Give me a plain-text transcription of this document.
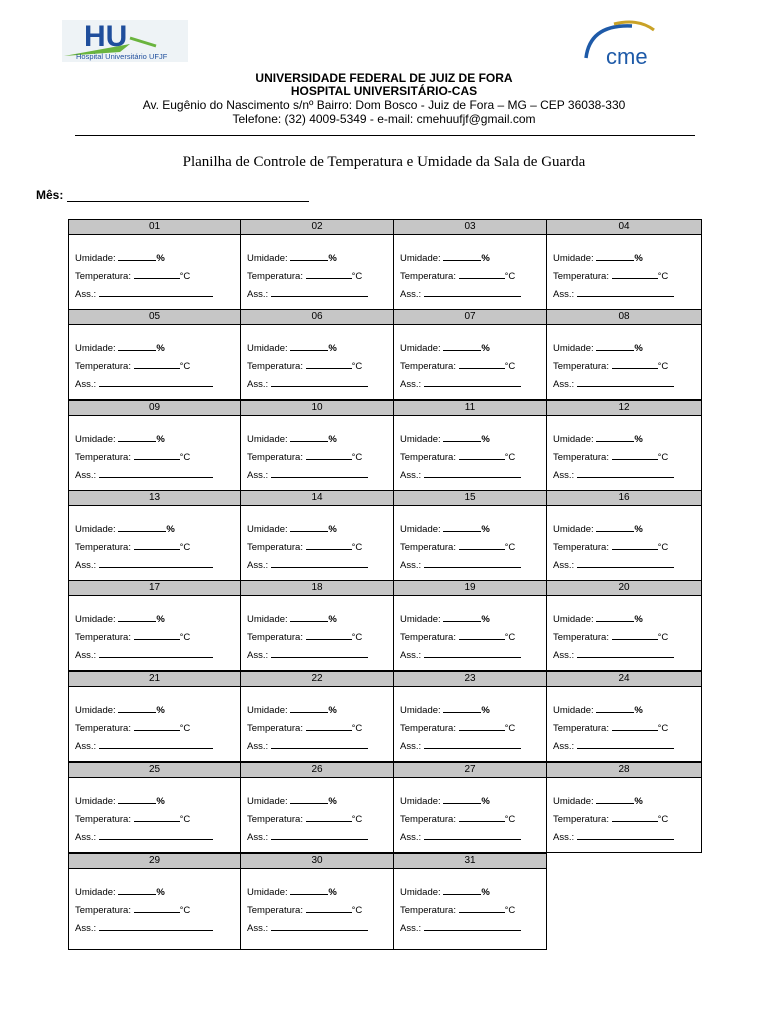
HU
Hospital Universitário UFJF	cme
UNIVERSIDADE FEDERAL DE JUIZ DE FORA
HOSPITAL UNIVERSITÁRIO-CAS
Av. Eugênio do Nascimento s/nº Bairro: Dom Bosco - Juiz de Fora – MG – CEP 36038-330
Telefone: (32) 4009-5349 - e-mail: cmehuufjf@gmail.com
Planilha de Controle de Temperatura e Umidade da Sala de Guarda
Mês:
01
Umidade:	%
Temperatura:	°C
Ass.:
02
Umidade:	%
Temperatura:	°C
Ass.:
03
Umidade:	%
Temperatura:	°C
Ass.:
04
Umidade:	%
Temperatura:	°C
Ass.:
05
Umidade:	%
Temperatura:	°C
Ass.:
06
Umidade:	%
Temperatura:	°C
Ass.:
07
Umidade:	%
Temperatura:	°C
Ass.:
08
Umidade:	%
Temperatura:	°C
Ass.:
09
Umidade:	%
Temperatura:	°C
Ass.:
10
Umidade:	%
Temperatura:	°C
Ass.:
11
Umidade:	%
Temperatura:	°C
Ass.:
12
Umidade:	%
Temperatura:	°C
Ass.:
13
Umidade:	%
Temperatura:	°C
Ass.:
14
Umidade:	%
Temperatura:	°C
Ass.:
15
Umidade:	%
Temperatura:	°C
Ass.:
16
Umidade:	%
Temperatura:	°C
Ass.:
17
Umidade:	%
Temperatura:	°C
Ass.:
18
Umidade:	%
Temperatura:	°C
Ass.:
19
Umidade:	%
Temperatura:	°C
Ass.:
20
Umidade:	%
Temperatura:	°C
Ass.:
21
Umidade:	%
Temperatura:	°C
Ass.:
22
Umidade:	%
Temperatura:	°C
Ass.:
23
Umidade:	%
Temperatura:	°C
Ass.:
24
Umidade:	%
Temperatura:	°C
Ass.:
25
Umidade:	%
Temperatura:	°C
Ass.:
26
Umidade:	%
Temperatura:	°C
Ass.:
27
Umidade:	%
Temperatura:	°C
Ass.:
28
Umidade:	%
Temperatura:	°C
Ass.:
29
Umidade:	%
Temperatura:	°C
Ass.:
30
Umidade:	%
Temperatura:	°C
Ass.:
31
Umidade:	%
Temperatura:	°C
Ass.:
